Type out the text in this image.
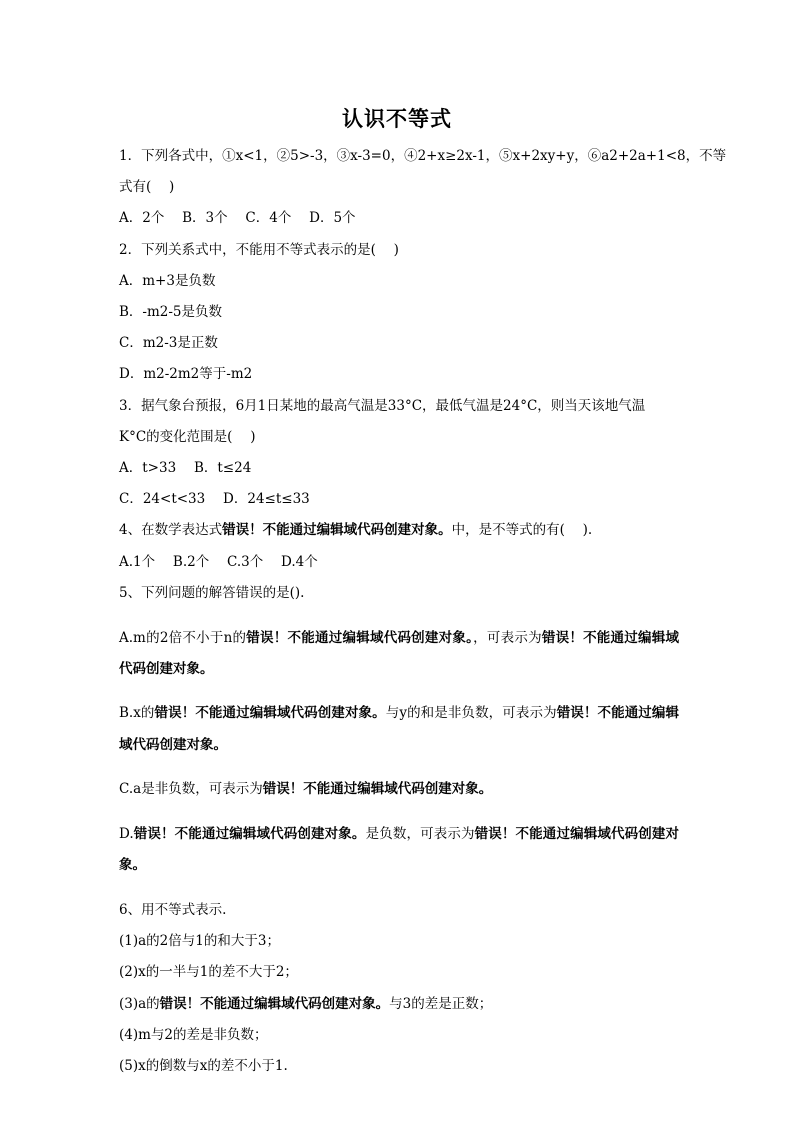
认识不等式

1．下列各式中，①x<1，②5>-3，③x-3=0，④2+x≥2x-1，⑤x+2xy+y，⑥a2+2a+1<8，不等

式有(　 )

A．2个　 B．3个　 C．4个　 D．5个

2．下列关系式中，不能用不等式表示的是(　 )

A．m+3是负数

B．-m2-5是负数

C．m2-3是正数

D．m2-2m2等于-m2

3．据气象台预报，6月1日某地的最高气温是33°C，最低气温是24°C，则当天该地气温

K°C的变化范围是(　 )

A．t>33　 B．t≤24

C．24<t<33　 D．24≤t≤33

4、在数学表达式错误！不能通过编辑域代码创建对象。中，是不等式的有(　 ).

A.1个　 B.2个　 C.3个　 D.4个

5、下列问题的解答错误的是().

A.m的2倍不小于n的错误！不能通过编辑域代码创建对象。，可表示为错误！不能通过编辑域代码创建对象。

B.x的错误！不能通过编辑域代码创建对象。与y的和是非负数，可表示为错误！不能通过编辑域代码创建对象。

C.a是非负数，可表示为错误！不能通过编辑域代码创建对象。

D.错误！不能通过编辑域代码创建对象。是负数，可表示为错误！不能通过编辑域代码创建对象。

6、用不等式表示.

(1)a的2倍与1的和大于3；

(2)x的一半与1的差不大于2；

(3)a的错误！不能通过编辑域代码创建对象。与3的差是正数；

(4)m与2的差是非负数；

(5)x的倒数与x的差不小于1.
